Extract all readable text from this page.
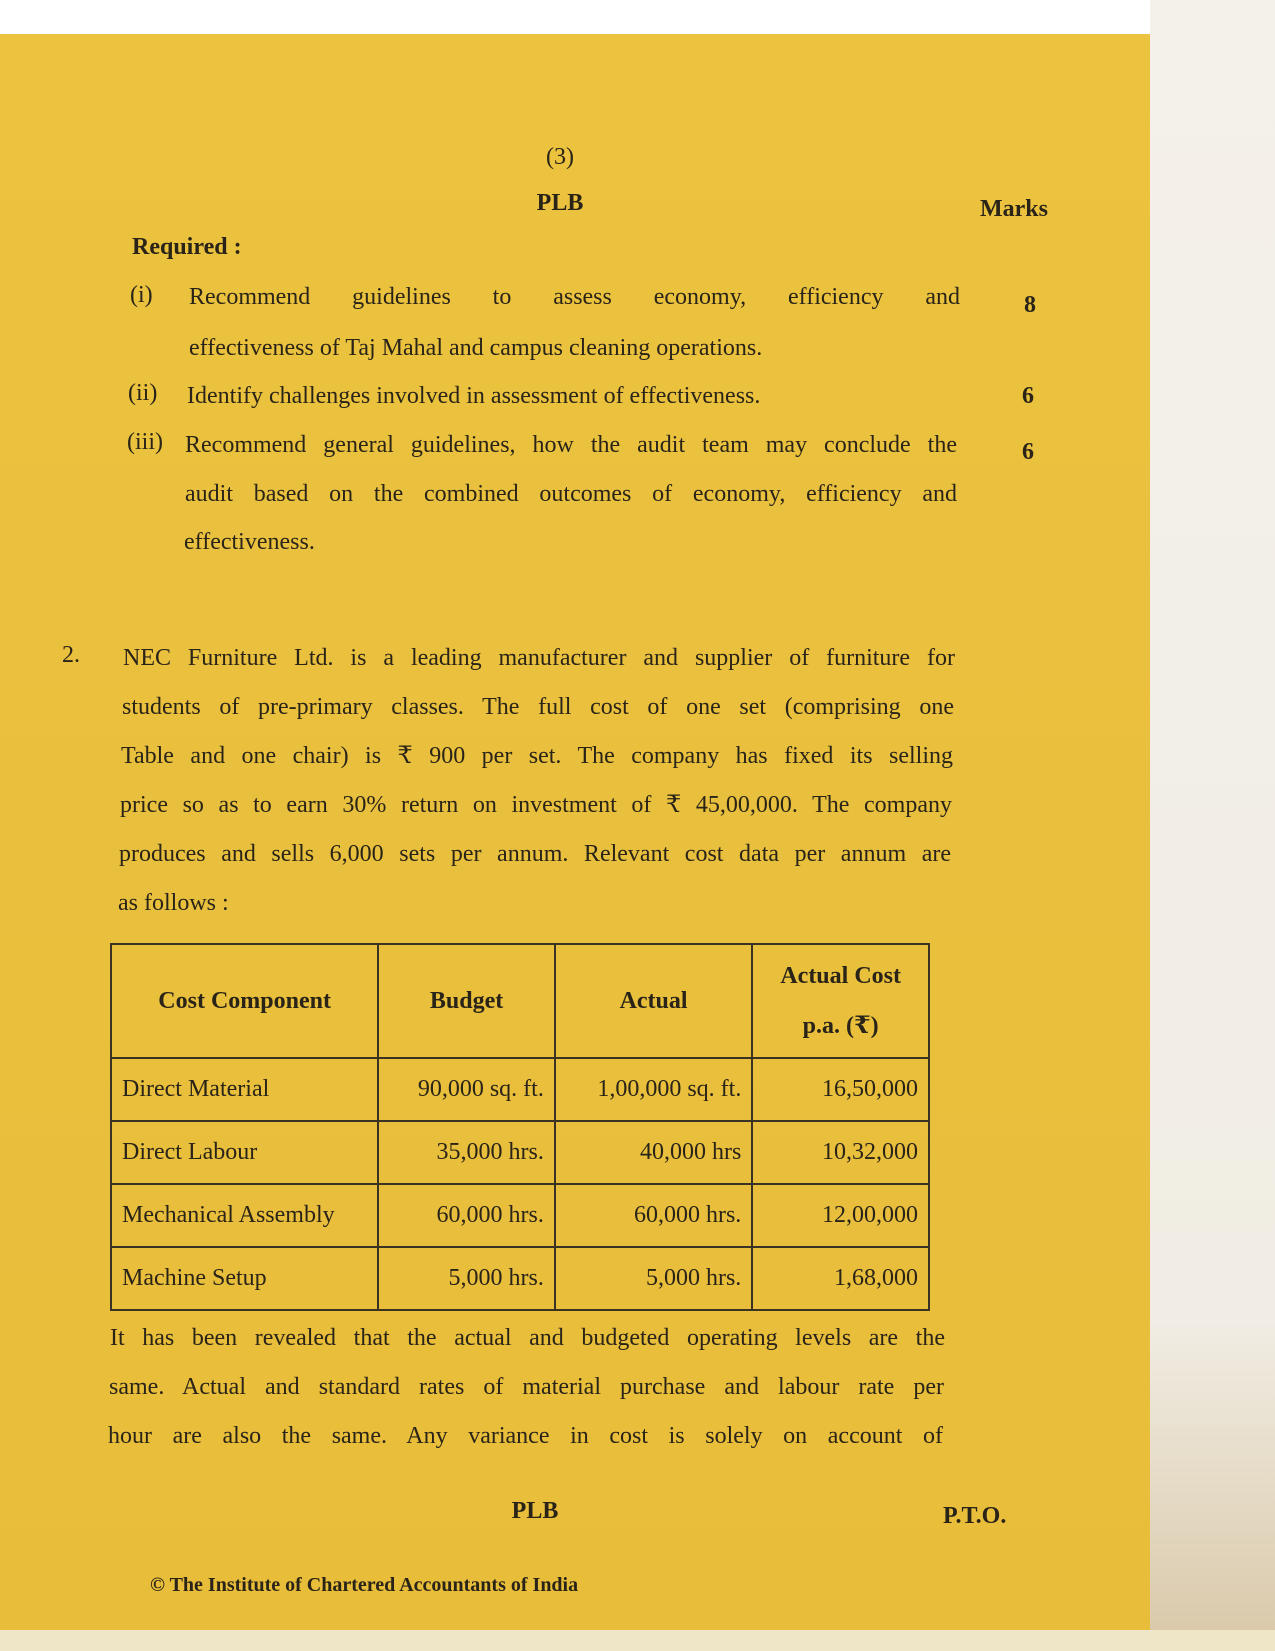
(3)
PLB	Marks
Required :
(i) Recommend guidelines to assess economy, efficiency and
effectiveness of Taj Mahal and campus cleaning operations.
8
(ii) Identify challenges involved in assessment of effectiveness.	6
(iii) Recommend general guidelines, how the audit team may conclude the
audit based on the combined outcomes of economy, efficiency and
effectiveness.
6
2. NEC Furniture Ltd. is a leading manufacturer and supplier of furniture for
students of pre-primary classes. The full cost of one set (comprising one
Table and one chair) is ₹ 900 per set. The company has fixed its selling
price so as to earn 30% return on investment of ₹ 45,00,000. The company
produces and sells 6,000 sets per annum. Relevant cost data per annum are
as follows :
Cost Component	Budget	Actual	Actual Cost
p.a. (₹)
Direct Material	90,000 sq. ft.	1,00,000 sq. ft.	16,50,000
Direct Labour	35,000 hrs.	40,000 hrs	10,32,000
Mechanical Assembly	60,000 hrs.	60,000 hrs.	12,00,000
Machine Setup	5,000 hrs.	5,000 hrs.	1,68,000
It has been revealed that the actual and budgeted operating levels are the
same. Actual and standard rates of material purchase and labour rate per
hour are also the same. Any variance in cost is solely on account of
PLB	P.T.O.
© The Institute of Chartered Accountants of India
